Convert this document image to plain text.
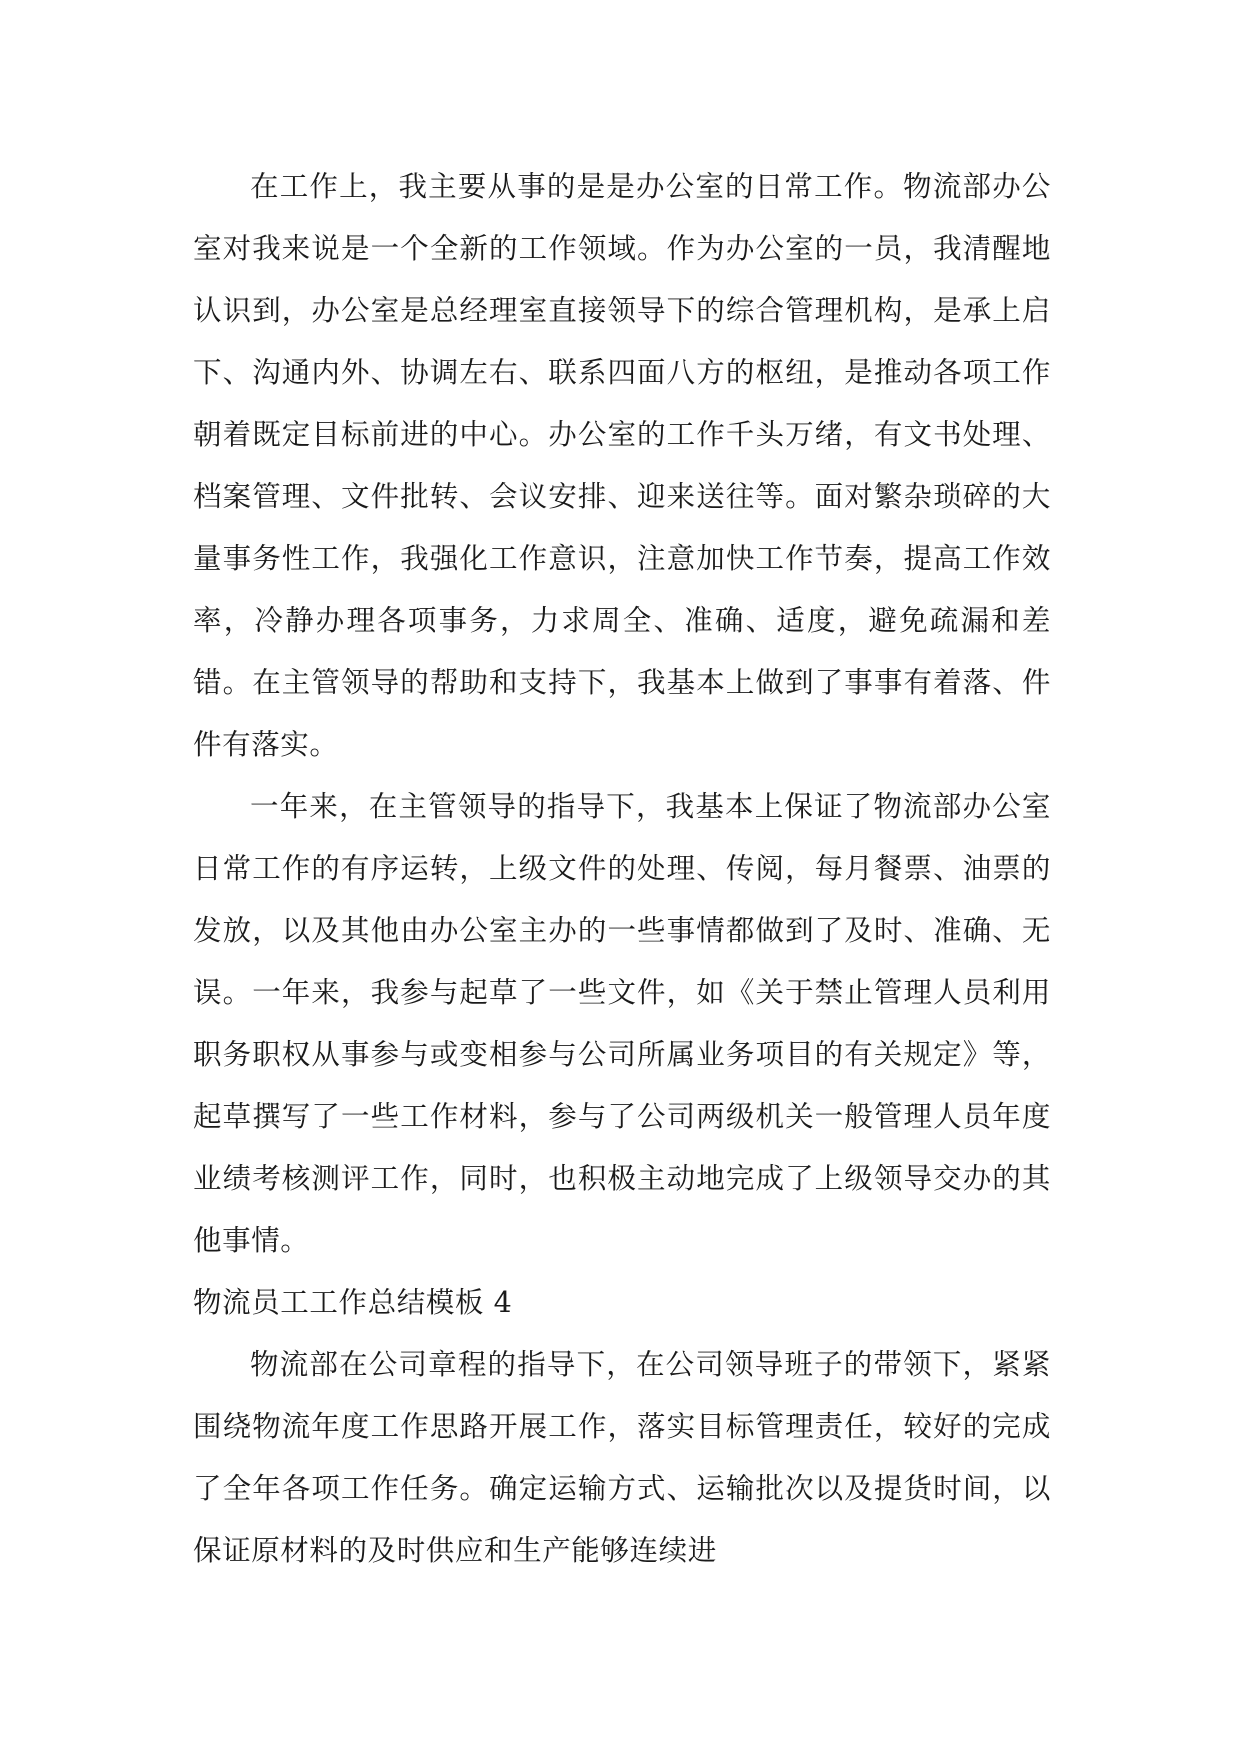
在工作上，我主要从事的是是办公室的日常工作。物流部办公室对我来说是一个全新的工作领域。作为办公室的一员，我清醒地认识到，办公室是总经理室直接领导下的综合管理机构，是承上启下、沟通内外、协调左右、联系四面八方的枢纽，是推动各项工作朝着既定目标前进的中心。办公室的工作千头万绪，有文书处理、档案管理、文件批转、会议安排、迎来送往等。面对繁杂琐碎的大量事务性工作，我强化工作意识，注意加快工作节奏，提高工作效率，冷静办理各项事务，力求周全、准确、适度，避免疏漏和差错。在主管领导的帮助和支持下，我基本上做到了事事有着落、件件有落实。

一年来，在主管领导的指导下，我基本上保证了物流部办公室日常工作的有序运转，上级文件的处理、传阅，每月餐票、油票的发放，以及其他由办公室主办的一些事情都做到了及时、准确、无误。一年来，我参与起草了一些文件，如《关于禁止管理人员利用职务职权从事参与或变相参与公司所属业务项目的有关规定》等，起草撰写了一些工作材料，参与了公司两级机关一般管理人员年度业绩考核测评工作，同时，也积极主动地完成了上级领导交办的其他事情。

物流员工工作总结模板 4

物流部在公司章程的指导下，在公司领导班子的带领下，紧紧围绕物流年度工作思路开展工作，落实目标管理责任，较好的完成了全年各项工作任务。确定运输方式、运输批次以及提货时间，以保证原材料的及时供应和生产能够连续进
